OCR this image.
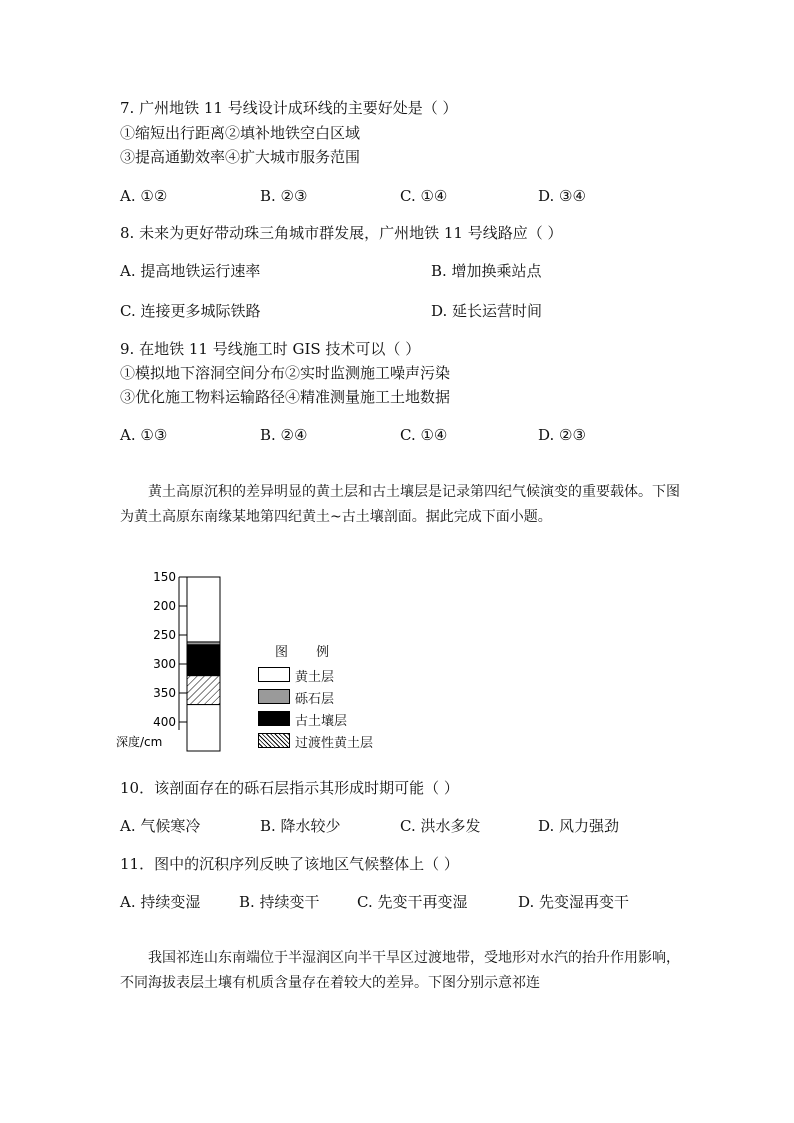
7. 广州地铁 11 号线设计成环线的主要好处是（ ）
①缩短出行距离②填补地铁空白区域
③提高通勤效率④扩大城市服务范围
A. ①②	B. ②③	C. ①④	D. ③④
8. 未来为更好带动珠三角城市群发展，广州地铁 11 号线路应（ ）
A. 提高地铁运行速率	B. 增加换乘站点
C. 连接更多城际铁路	D. 延长运营时间
9. 在地铁 11 号线施工时 GIS 技术可以（ ）
①模拟地下溶洞空间分布②实时监测施工噪声污染
③优化施工物料运输路径④精准测量施工土地数据
A. ①③	B. ②④	C. ①④	D. ②③
黄土高原沉积的差异明显的黄土层和古土壤层是记录第四纪气候演变的重要载体。下图为黄土高原东南缘某地第四纪黄土~古土壤剖面。据此完成下面小题。
150
200
250
300
350
400
深度/cm
图 例
黄土层
砾石层
古土壤层
过渡性黄土层
10．该剖面存在的砾石层指示其形成时期可能（ ）
A. 气候寒冷	B. 降水较少	C. 洪水多发	D. 风力强劲
11．图中的沉积序列反映了该地区气候整体上（ ）
A. 持续变湿	B. 持续变干 C. 先变干再变湿	D. 先变湿再变干
我国祁连山东南端位于半湿润区向半干旱区过渡地带，受地形对水汽的抬升作用影响，不同海拔表层土壤有机质含量存在着较大的差异。下图分别示意祁连
